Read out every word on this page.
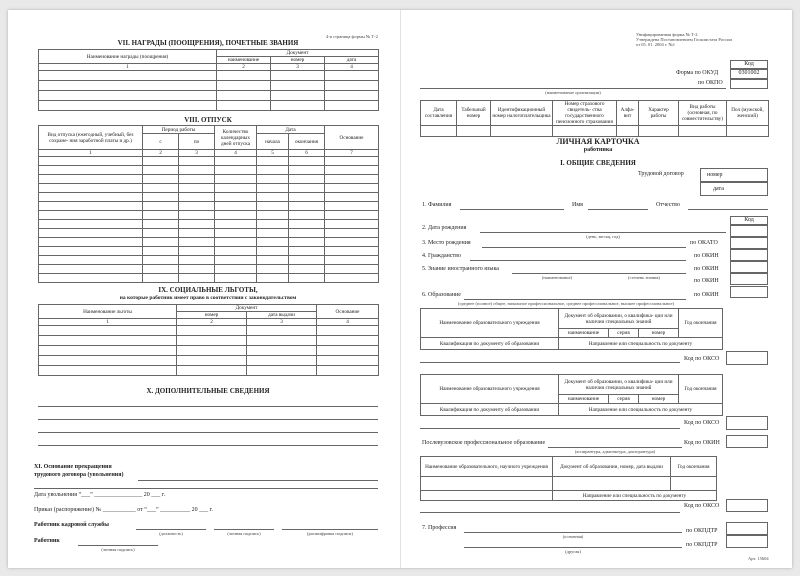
4-я страница формы № Т-2
VII. НАГРАДЫ (ПООЩРЕНИЯ), ПОЧЕТНЫЕ ЗВАНИЯ
Наименование награды (поощрения)	Документ		
	наименование	номер	дата
1	2	3	4

VIII. ОТПУСК
Вид отпуска (ежегодный, учебный, без сохране- ния заработной платы и др.)	Период работы		Количество календарных дней отпуска	Дата		Основание
	с	по		начала	окончания	
1	2	3	4	5	6	7

IX. СОЦИАЛЬНЫЕ ЛЬГОТЫ,
на которые работник имеет право в соответствии с законодательством
Наименование льготы	Документ		Основание
	номер	дата выдачи	
1	2	3	4

X. ДОПОЛНИТЕЛЬНЫЕ СВЕДЕНИЯ
XI. Основание прекращения
трудового договора (увольнения)
Дата увольнения “___” ________________ 20 ___ г.
Приказ (распоряжение) № ___________ от “___” __________ 20 ___ г.
Работник кадровой службы
(должность)	(личная подпись)	(расшифровка подписи)
Работник
(личная подпись)
Унифицированная форма № Т-2
Утверждена Постановлением Госкомстата России
от 05. 01. 2004 г. №1
Код
Форма по ОКУД	0301002
по ОКПО
(наименование организации)
Дата составления	Табельный номер	Идентификационный номер налогоплательщика	Номер страхового свидетель- ства государственного пенсионного страхования	Алфа- вит	Характер работы	Вид работы (основная, по совместительству)	Пол (мужской, женский)

ЛИЧНАЯ КАРТОЧКА
работника
I. ОБЩИЕ СВЕДЕНИЯ
Трудовой договор	номер
дата
1. Фамилия	Имя	Отчество
Код
2. Дата рождения
(день, месяц, год)
3. Место рождения	по ОКАТО
4. Гражданство	по ОКИН
5. Знание иностранного языка	по ОКИН
(наименование)	(степень знания)
по ОКИН
6. Образование	по ОКИН
(среднее (полное) общее, начальное профессиональное, среднее профессиональное, высшее профессиональное)
Наименование образовательного учреждения	Документ об образовании, о квалифика- ции или наличии специальных знаний			Год окончания	
	наименование	серия	номер		
Квалификация по документу об образовании	Направление или специальность по документу				
Код по ОКСО
Наименование образовательного учреждения	Документ об образовании, о квалифика- ции или наличии специальных знаний			Год окончания	
	наименование	серия	номер		
Квалификация по документу об образовании	Направление или специальность по документу				
Код по ОКСО
Послевузовское профессиональное образование
(аспирантура, адъюнктура, докторантура)
Код по ОКИН
Наименование образовательного, научного учреждения	Документ об образовании, номер, дата выдачи	Год окончания	

	Направление или специальность по документу		
Код по ОКСО
7. Профессия
(основная)
по ОКПДТР
(другая)
по ОКПДТР
Арт. 15604
